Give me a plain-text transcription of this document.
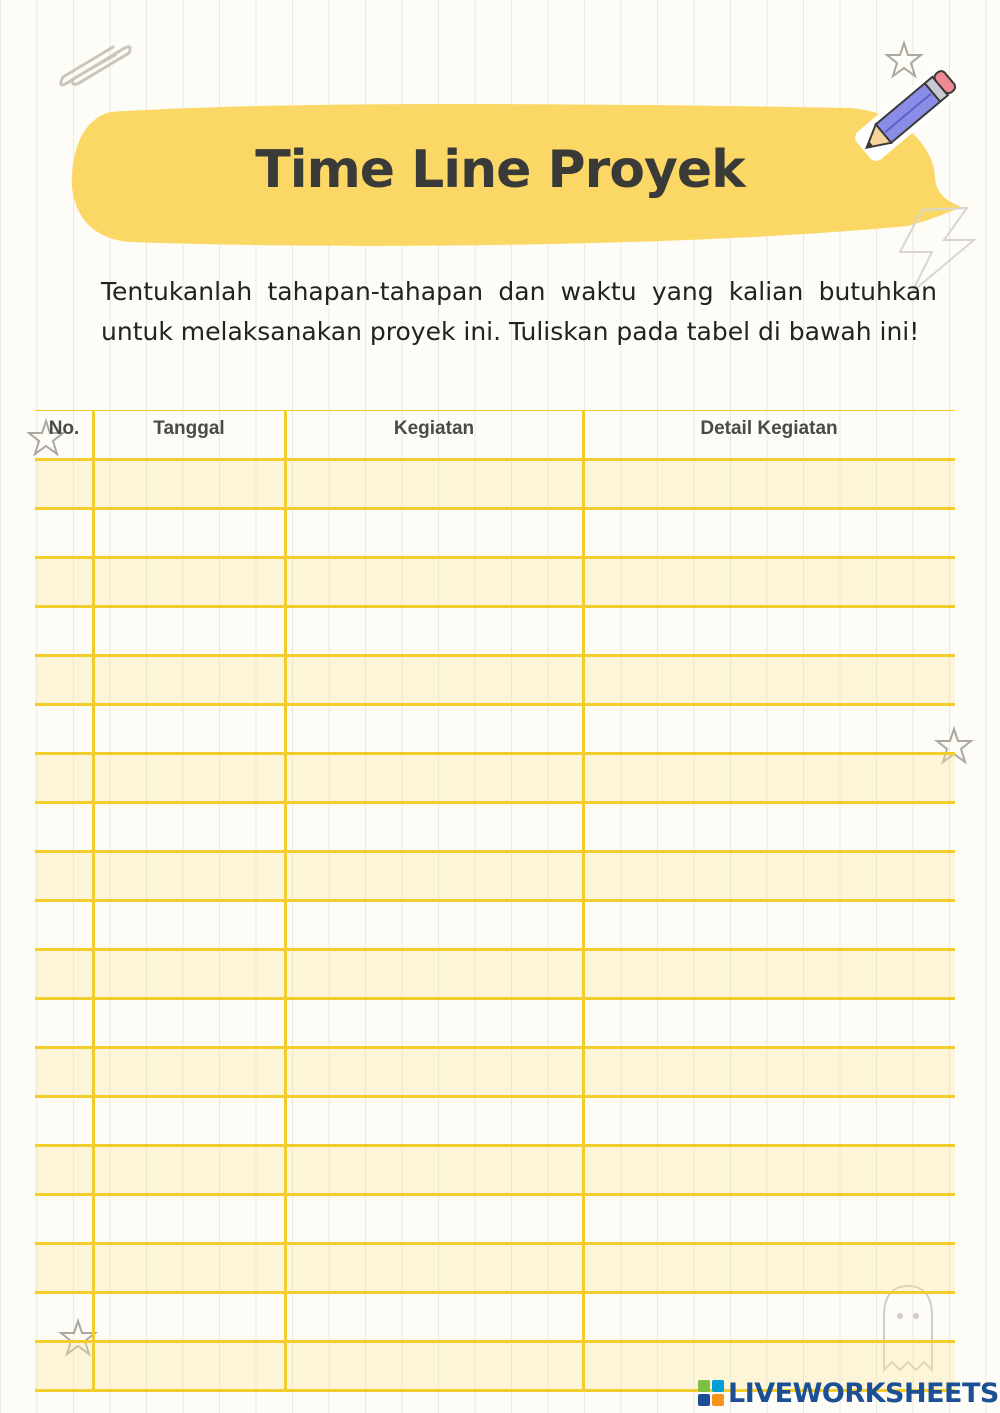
Time Line Proyek

Tentukanlah tahapan-tahapan dan waktu yang kalian butuhkan untuk melaksanakan proyek ini. Tuliskan pada tabel di bawah ini!

No.	Tanggal	Kegiatan	Detail Kegiatan
LIVEWORKSHEETS
